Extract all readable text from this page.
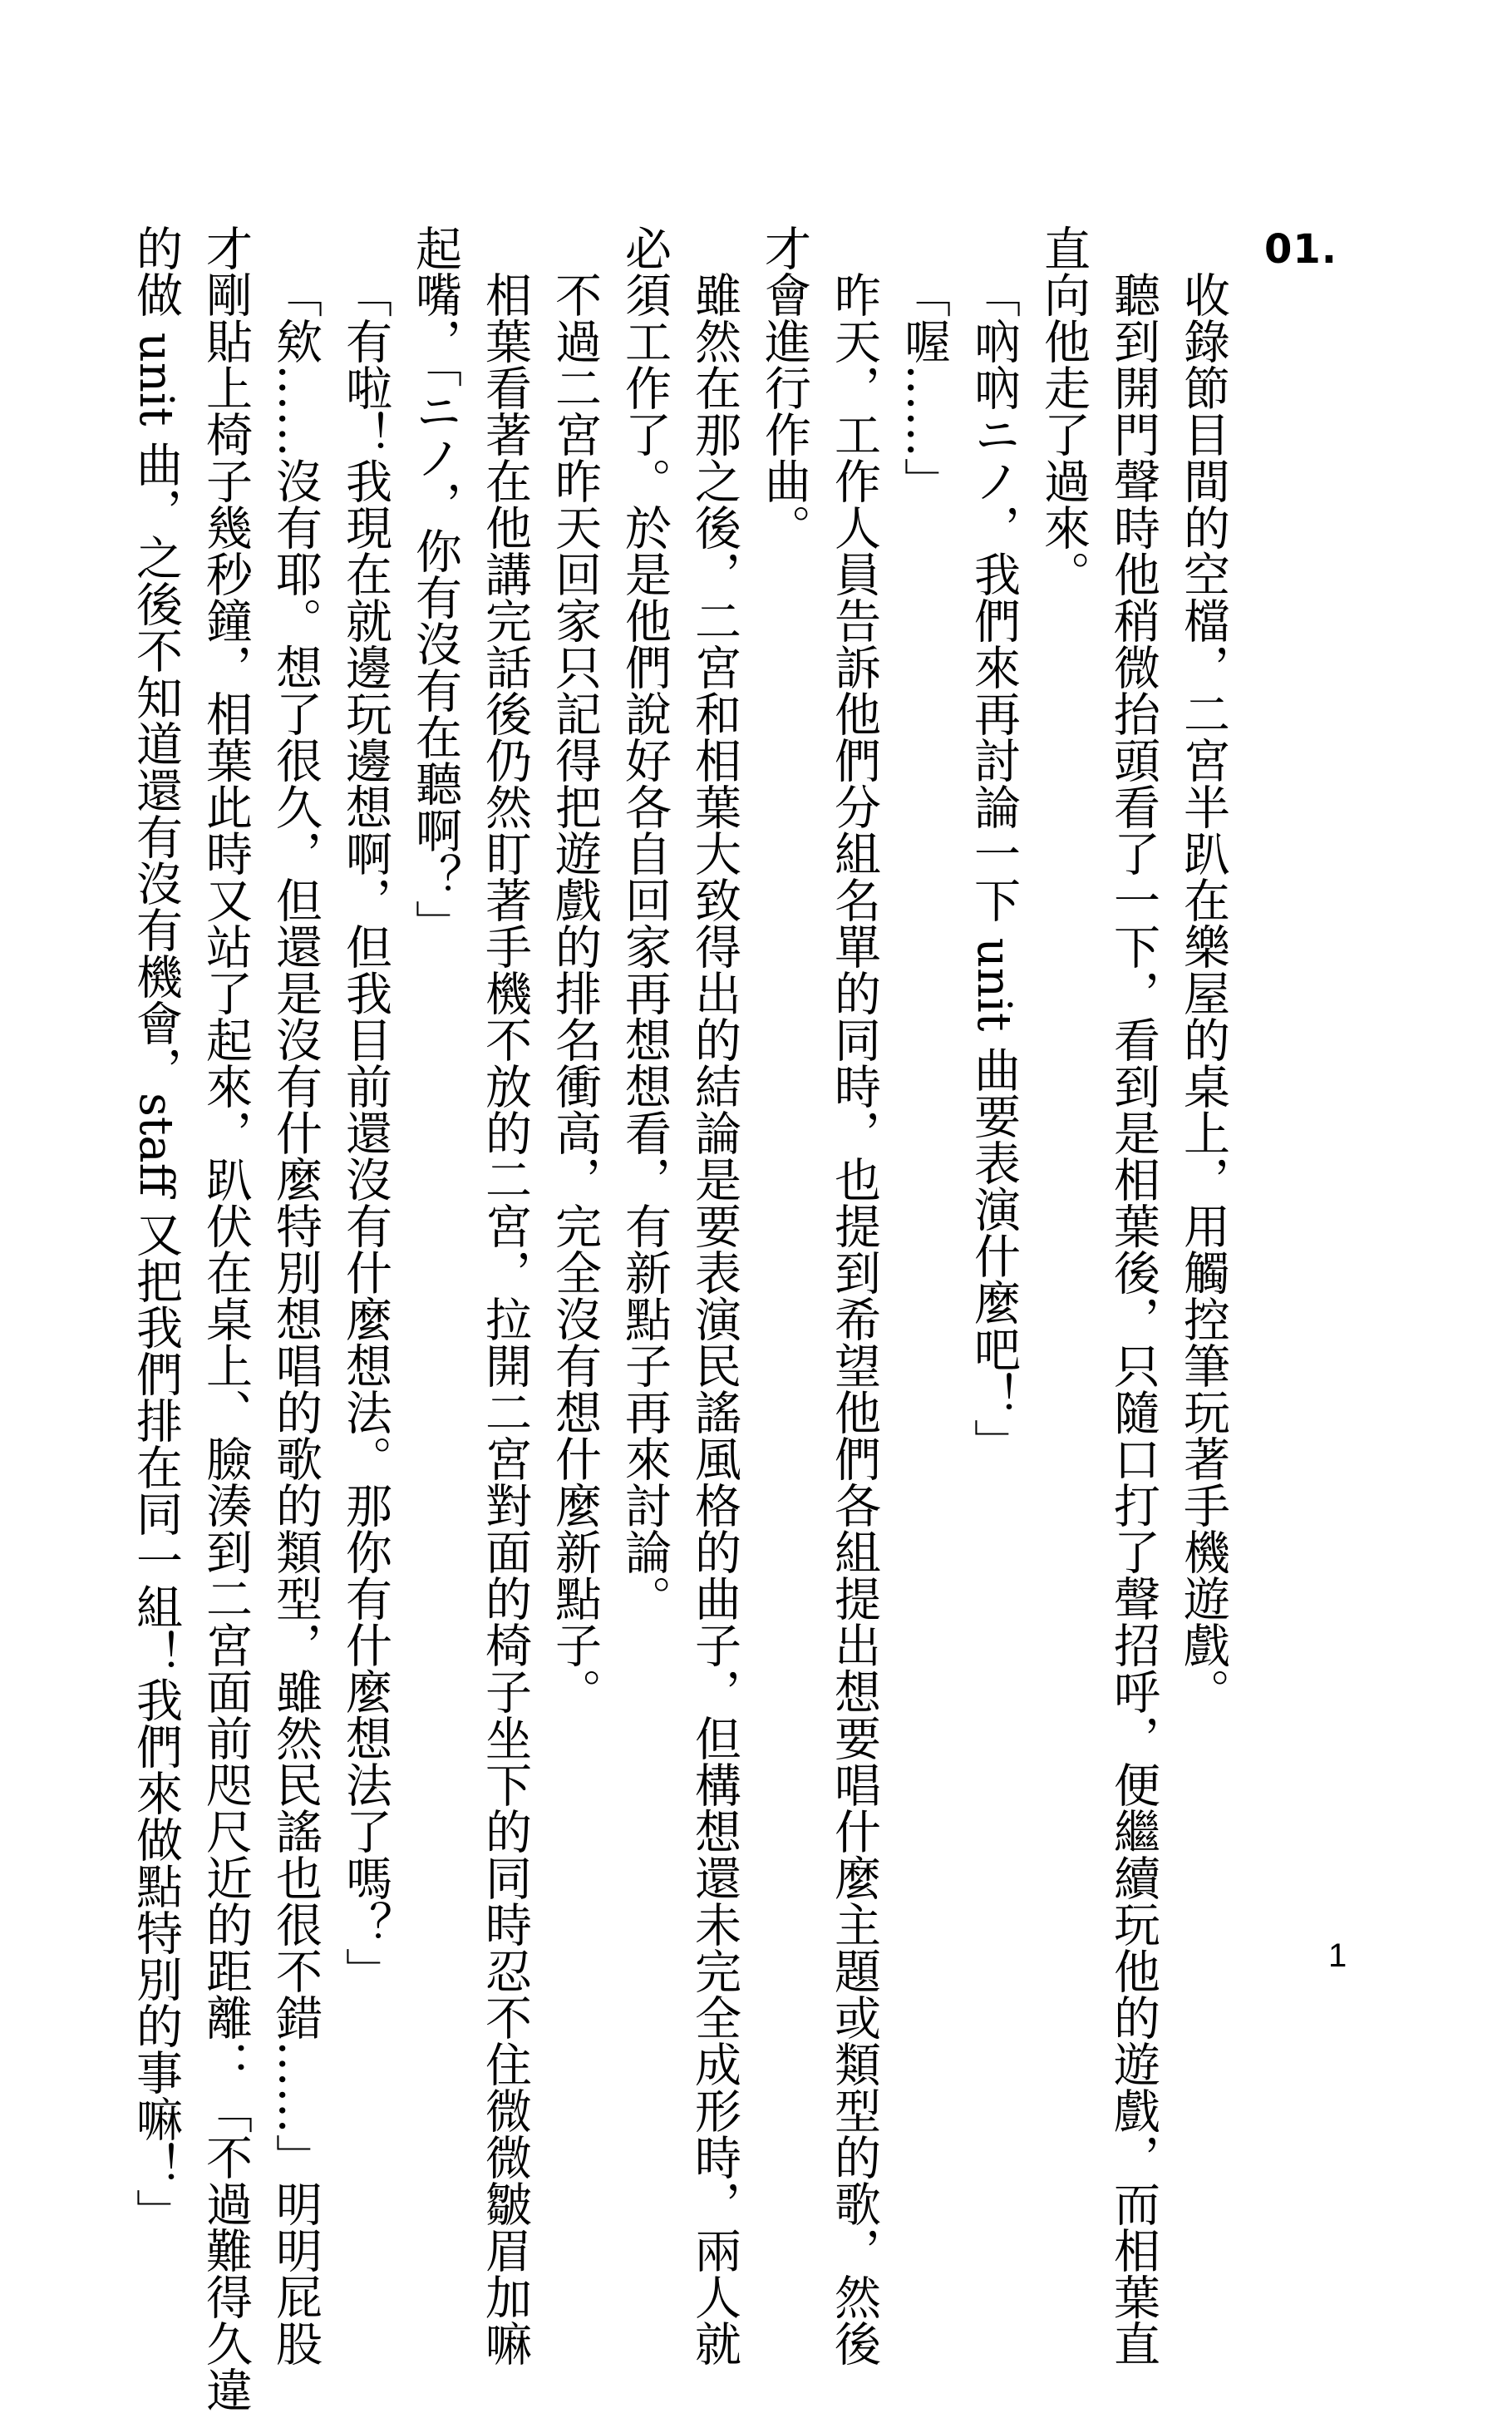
01.

收錄節目間的空檔，二宮半趴在樂屋的桌上，用觸控筆玩著手機遊戲。

聽到開門聲時他稍微抬頭看了一下，看到是相葉後，只隨口打了聲招呼，便繼續玩他的遊戲，而相葉直

直向他走了過來。

「吶吶ニノ，我們來再討論一下 unit 曲要表演什麼吧！」

「喔……」

昨天，工作人員告訴他們分組名單的同時，也提到希望他們各組提出想要唱什麼主題或類型的歌，然後

才會進行作曲。

雖然在那之後，二宮和相葉大致得出的結論是要表演民謠風格的曲子，但構想還未完全成形時，兩人就

必須工作了。於是他們說好各自回家再想想看，有新點子再來討論。

不過二宮昨天回家只記得把遊戲的排名衝高，完全沒有想什麼新點子。

相葉看著在他講完話後仍然盯著手機不放的二宮，拉開二宮對面的椅子坐下的同時忍不住微微皺眉加嘛

起嘴，「ニノ，你有沒有在聽啊？」

「有啦！我現在就邊玩邊想啊，但我目前還沒有什麼想法。那你有什麼想法了嗎？」

「欸……沒有耶。想了很久，但還是沒有什麼特別想唱的歌的類型，雖然民謠也很不錯……」明明屁股

才剛貼上椅子幾秒鐘，相葉此時又站了起來，趴伏在桌上、臉湊到二宮面前咫尺近的距離：「不過難得久違

的做 unit 曲，之後不知道還有沒有機會，staff 又把我們排在同一組！我們來做點特別的事嘛！」	1
